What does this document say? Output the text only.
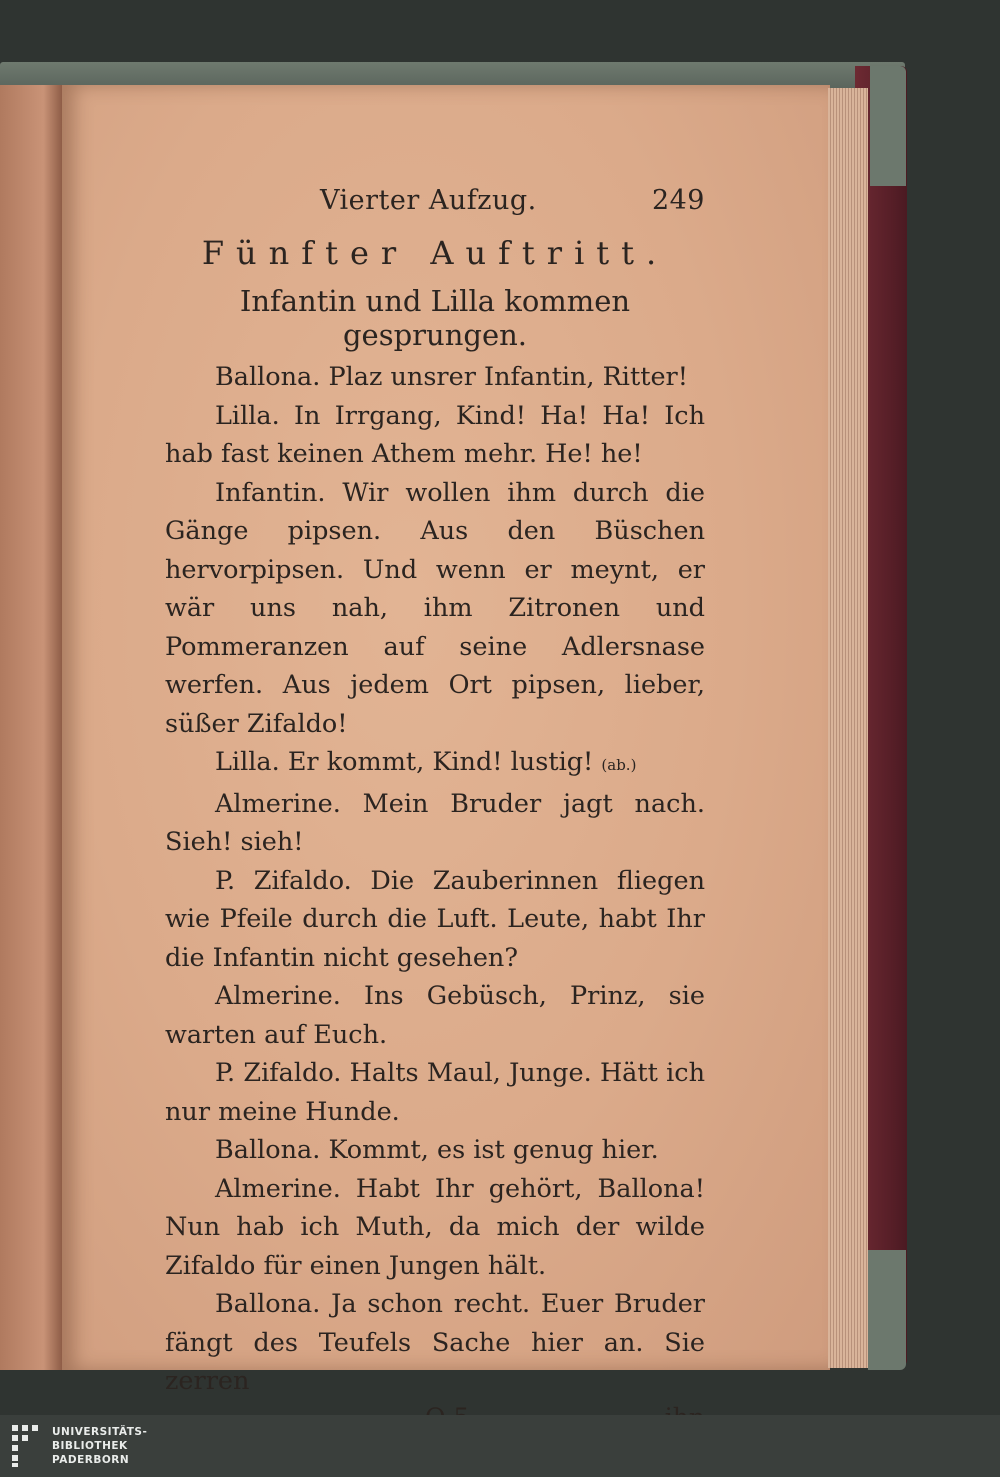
Vierter Aufzug.	249
Fünfter Auftritt.
Infantin und Lilla kommen gesprungen.
Ballona. Plaz unsrer Infantin, Ritter!
Lilla. In Irrgang, Kind! Ha! Ha! Ich hab fast keinen Athem mehr. He! he!
Infantin. Wir wollen ihm durch die Gänge pipsen. Aus den Büschen hervorpipsen. Und wenn er meynt, er wär uns nah, ihm Zitronen und Pommeranzen auf seine Adlersnase werfen. Aus jedem Ort pipsen, lieber, süßer Zifaldo!
Lilla. Er kommt, Kind! lustig! (ab.)
Almerine. Mein Bruder jagt nach. Sieh! sieh!
P. Zifaldo. Die Zauberinnen fliegen wie Pfeile durch die Luft. Leute, habt Ihr die Infantin nicht gesehen?
Almerine. Ins Gebüsch, Prinz, sie warten auf Euch.
P. Zifaldo. Halts Maul, Junge. Hätt ich nur meine Hunde.
Ballona. Kommt, es ist genug hier.
Almerine. Habt Ihr gehört, Ballona! Nun hab ich Muth, da mich der wilde Zifaldo für einen Jungen hält.
Ballona. Ja schon recht. Euer Bruder fängt des Teufels Sache hier an. Sie zerren
UNIVERSITÄTS-
BIBLIOTHEK
PADERBORN
